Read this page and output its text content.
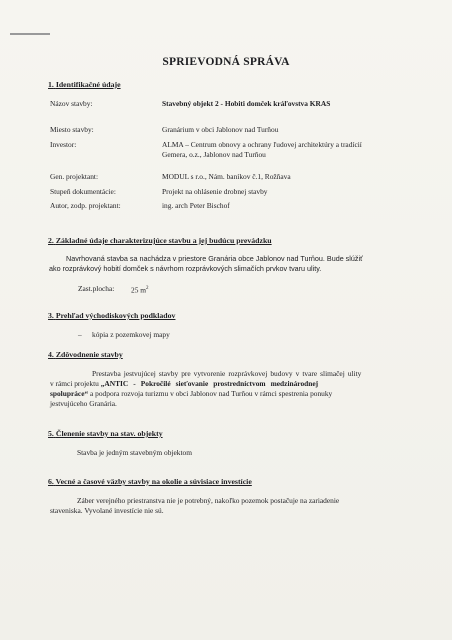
SPRIEVODNÁ SPRÁVA
1. Identifikačné údaje
Názov stavby:	Stavebný objekt 2 - Hobiti domček kráľovstva KRAS
Miesto stavby:	Granárium v obci Jablonov nad Turňou
Investor:	ALMA – Centrum obnovy a ochrany ľudovej architektúry a tradícií
Gemera, o.z., Jablonov nad Turňou
Gen. projektant:	MODUL s r.o., Nám. baníkov č.1, Rožňava
Stupeň dokumentácie:	Projekt na ohlásenie drobnej stavby
Autor, zodp. projektant:	ing. arch Peter Bischof
2. Základné údaje charakterizujúce stavbu a jej budúcu prevádzku
Navrhovaná stavba sa nachádza v priestore Granária obce Jablonov nad Turňou. Bude slúžiť
ako rozprávkový hobití domček s návrhom rozprávkových slimačích prvkov tvaru ulity.
Zast.plocha: 25 $m^2$
3. Prehľad východiskových podkladov
– kópia z pozemkovej mapy
4. Zdôvodnenie stavby
Prestavba jestvujúcej stavby pre vytvorenie rozprávkovej budovy v tvare slimačej ulity
v rámci projektu „ANTIC - Pokročilé sieťovanie prostredníctvom medzinárodnej
spolupráce“ a podpora rozvoja turizmu v obci Jablonov nad Turňou v rámci spestrenia ponuky
jestvujúceho Granária.
5. Členenie stavby na stav. objekty
Stavba je jedným stavebným objektom
6. Vecné a časové väzby stavby na okolie a súvisiace investície
Záber verejného priestranstva nie je potrebný, nakoľko pozemok postačuje na zariadenie
staveniska. Vyvolané investície nie sú.
